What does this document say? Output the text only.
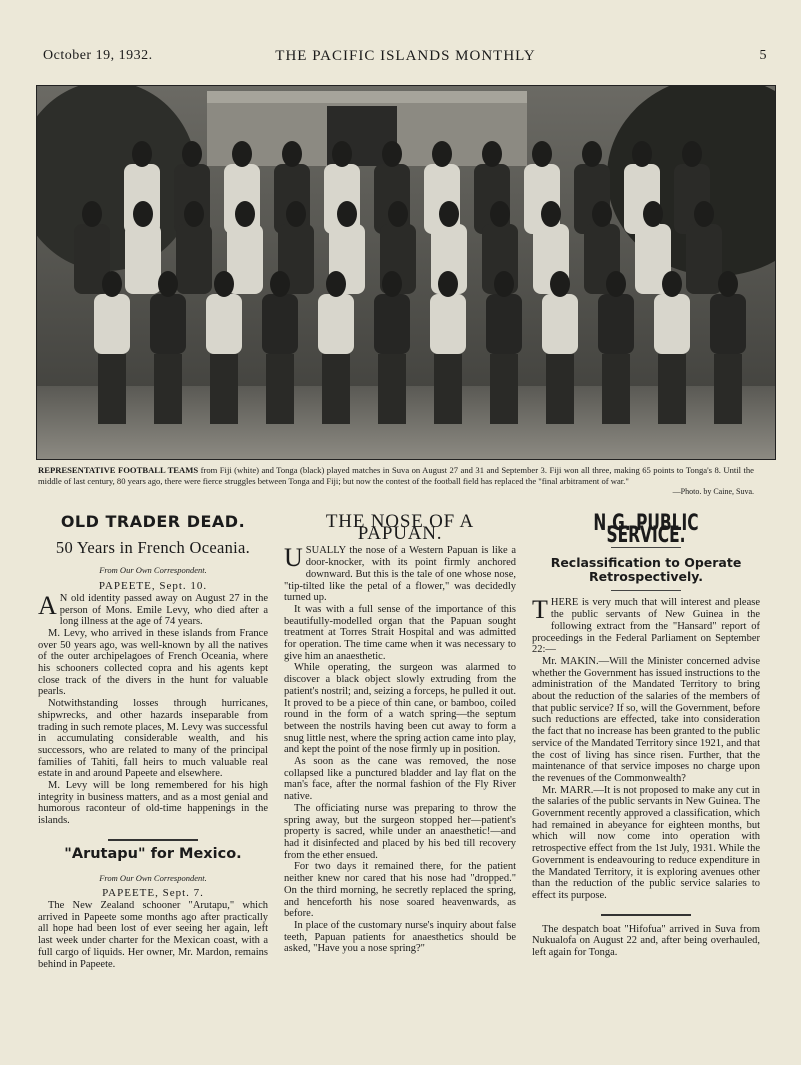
October 19, 1932.	THE PACIFIC ISLANDS MONTHLY	5
REPRESENTATIVE FOOTBALL TEAMS from Fiji (white) and Tonga (black) played matches in Suva on August 27 and 31 and September 3. Fiji won all three, making 65 points to Tonga's 8. Until the middle of last century, 80 years ago, there were fierce struggles between Tonga and Fiji; but now the contest of the football field has replaced the "final arbitrament of war."
—Photo. by Caine, Suva.
OLD TRADER DEAD.
50 Years in French Oceania.
From Our Own Correspondent.
PAPEETE, Sept. 10.

A N old identity passed away on August 27 in the person of Mons. Emile Levy, who died after a long illness at the age of 74 years.

M. Levy, who arrived in these islands from France over 50 years ago, was well-known by all the natives of the outer archipelagoes of French Oceania, where his schooners collected copra and his agents kept close track of the divers in the hunt for valuable pearls.

Notwithstanding losses through hurricanes, shipwrecks, and other hazards inseparable from trading in such remote places, M. Levy was successful in accumulating considerable wealth, and his successors, who are related to many of the principal families of Tahiti, fall heirs to much valuable real estate in and around Papeete and elsewhere.

M. Levy will be long remembered for his high integrity in business matters, and as a most genial and humorous raconteur of old-time happenings in the islands.

"Arutapu" for Mexico.
From Our Own Correspondent.
PAPEETE, Sept. 7.

The New Zealand schooner "Arutapu," which arrived in Papeete some months ago after practically all hope had been lost of ever seeing her again, left last week under charter for the Mexican coast, with a full cargo of liquids. Her owner, Mr. Mardon, remains behind in Papeete.

THE NOSE OF A PAPUAN.

USUALLY the nose of a Western Papuan is like a door-knocker, with its point firmly anchored downward. But this is the tale of one whose nose, "tip-tilted like the petal of a flower," was decidedly turned up.

It was with a full sense of the importance of this beautifully-modelled organ that the Papuan sought treatment at Torres Strait Hospital and was admitted for operation. The time came when it was necessary to give him an anaesthetic.

While operating, the surgeon was alarmed to discover a black object slowly extruding from the patient's nostril; and, seizing a forceps, he pulled it out. It proved to be a piece of thin cane, or bamboo, coiled round in the form of a watch spring—the septum between the nostrils having been cut away to form a snug little nest, where the spring action came into play, and kept the point of the nose firmly up in position.

As soon as the cane was removed, the nose collapsed like a punctured bladder and lay flat on the man's face, after the normal fashion of the Fly River native.

The officiating nurse was preparing to throw the spring away, but the surgeon stopped her—patient's property is sacred, while under an anaesthetic!—and had it disinfected and placed by his bed till recovery from the ether ensued.

For two days it remained there, for the patient neither knew nor cared that his nose had "dropped." On the third morning, he secretly replaced the spring, and henceforth his nose soared heavenwards, as before.

In place of the customary nurse's inquiry about false teeth, Papuan patients for anaesthetics should be asked, "Have you a nose spring?"

N.G. PUBLIC SERVICE.
Reclassification to Operate Retrospectively.

THERE is very much that will interest and please the public servants of New Guinea in the following extract from the "Hansard" report of proceedings in the Federal Parliament on September 22:—

Mr. MAKIN.—Will the Minister concerned advise whether the Government has issued instructions to the administration of the Mandated Territory to bring about the reduction of the salaries of the members of that public service? If so, will the Government, before such reductions are effected, take into consideration the fact that no increase has been granted to the public service of the Mandated Territory since 1921, and that the cost of living has since risen. Further, that the maintenance of that service imposes no charge upon the revenues of the Commonwealth?

Mr. MARR.—It is not proposed to make any cut in the salaries of the public servants in New Guinea. The Government recently approved a classification, which had remained in abeyance for eighteen months, but which will now come into operation with retrospective effect from the 1st July, 1931. While the Government is endeavouring to reduce expenditure in the Mandated Territory, it is exploring avenues other than the reduction of the public service salaries to effect its purpose.

The despatch boat "Hifofua" arrived in Suva from Nukualofa on August 22 and, after being overhauled, left again for Tonga.
